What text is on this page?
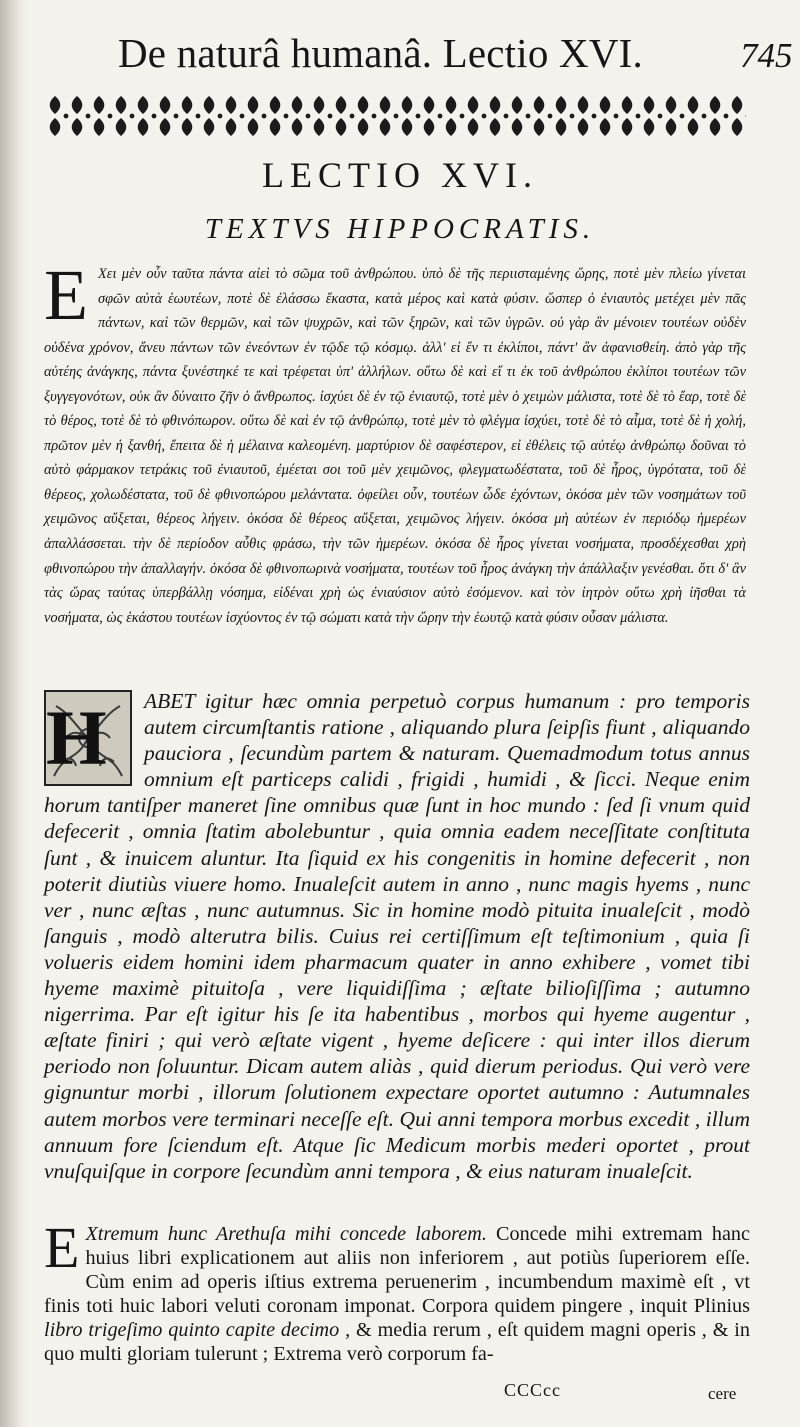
De naturâ humanâ. Lectio XVI.	745
LECTIO XVI.
TEXTVS HIPPOCRATIS.
E Χει μὲν οὖν ταῦτα πάντα αἰεὶ τὸ σῶμα τοῦ ἀνθρώπου. ὑπὸ δὲ τῆς περιισταμένης ὥρης, ποτὲ μὲν πλείω γίνεται σφῶν αὐτὰ ἑωυτέων, ποτὲ δὲ ἐλάσσω ἕκαστα, κατὰ μέρος καὶ κατὰ φύσιν. ὥσπερ ὁ ἐνιαυτὸς μετέχει μὲν πᾶς πάντων, καὶ τῶν θερμῶν, καὶ τῶν ψυχρῶν, καὶ τῶν ξηρῶν, καὶ τῶν ὑγρῶν. οὐ γὰρ ἂν μένοιεν τουτέων οὐδὲν οὐδένα χρόνον, ἄνευ πάντων τῶν ἐνεόντων ἐν τῷδε τῷ κόσμῳ. ἀλλ' εἰ ἕν τι ἐκλίποι, πάντ' ἂν ἀφανισθείη. ἀπὸ γὰρ τῆς αὐτέης ἀνάγκης, πάντα ξυνέστηκέ τε καὶ τρέφεται ὑπ' ἀλλήλων. οὕτω δὲ καὶ εἴ τι ἐκ τοῦ ἀνθρώπου ἐκλίποι τουτέων τῶν ξυγγεγονότων, οὐκ ἂν δύναιτο ζῆν ὁ ἄνθρωπος. ἰσχύει δὲ ἐν τῷ ἐνιαυτῷ, τοτὲ μὲν ὁ χειμὼν μάλιστα, τοτὲ δὲ τὸ ἔαρ, τοτὲ δὲ τὸ θέρος, τοτὲ δὲ τὸ φθινόπωρον. οὕτω δὲ καὶ ἐν τῷ ἀνθρώπῳ, τοτὲ μὲν τὸ φλέγμα ἰσχύει, τοτὲ δὲ τὸ αἷμα, τοτὲ δὲ ἡ χολή, πρῶτον μὲν ἡ ξανθή, ἔπειτα δὲ ἡ μέλαινα καλεομένη. μαρτύριον δὲ σαφέστερον, εἰ ἐθέλεις τῷ αὐτέῳ ἀνθρώπῳ δοῦναι τὸ αὐτὸ φάρμακον τετράκις τοῦ ἐνιαυτοῦ, ἐμέεται σοι τοῦ μὲν χειμῶνος, φλεγματωδέστατα, τοῦ δὲ ἦρος, ὑγρότατα, τοῦ δὲ θέρεος, χολωδέστατα, τοῦ δὲ φθινοπώρου μελάντατα. ὀφείλει οὖν, τουτέων ὧδε ἐχόντων, ὁκόσα μὲν τῶν νοσημάτων τοῦ χειμῶνος αὔξεται, θέρεος λήγειν. ὁκόσα δὲ θέρεος αὔξεται, χειμῶνος λήγειν. ὁκόσα μὴ αὐτέων ἐν περιόδῳ ἡμερέων ἀπαλλάσσεται. τὴν δὲ περίοδον αὖθις φράσω, τὴν τῶν ἡμερέων. ὁκόσα δὲ ἦρος γίνεται νοσήματα, προσδέχεσθαι χρὴ φθινοπώρου τὴν ἀπαλλαγήν. ὁκόσα δὲ φθινοπωρινὰ νοσήματα, τουτέων τοῦ ἦρος ἀνάγκη τὴν ἀπάλλαξιν γενέσθαι. ὅτι δ' ἂν τὰς ὥρας ταύτας ὑπερβάλλῃ νόσημα, εἰδέναι χρὴ ὡς ἐνιαύσιον αὐτὸ ἐσόμενον. καὶ τὸν ἰητρὸν οὕτω χρὴ ἰῆσθαι τὰ νοσήματα, ὡς ἑκάστου τουτέων ἰσχύοντος ἐν τῷ σώματι κατὰ τὴν ὥρην τὴν ἑωυτῷ κατὰ φύσιν οὖσαν μάλιστα.
H	ABET igitur hæc omnia perpetuò corpus humanum : pro temporis autem circumſtantis ratione , aliquando plura ſeipſis fiunt , aliquando pauciora , ſecundùm partem & naturam. Quemadmodum totus annus omnium eſt particeps calidi , frigidi , humidi , & ſicci. Neque enim horum tantiſper maneret ſine omnibus quæ ſunt in hoc mundo : ſed ſi vnum quid defecerit , omnia ſtatim abolebuntur , quia omnia eadem neceſſitate conſtituta ſunt , & inuicem aluntur. Ita ſiquid ex his congenitis in homine defecerit , non poterit diutiùs viuere homo. Inualeſcit autem in anno , nunc magis hyems , nunc ver , nunc æſtas , nunc autumnus. Sic in homine modò pituita inualeſcit , modò ſanguis , modò alterutra bilis. Cuius rei certiſſimum eſt teſtimonium , quia ſi volueris eidem homini idem pharmacum quater in anno exhibere , vomet tibi hyeme maximè pituitoſa , vere liquidiſſima ; æſtate bilioſiſſima ; autumno nigerrima. Par eſt igitur his ſe ita habentibus , morbos qui hyeme augentur , æſtate finiri ; qui verò æſtate vigent , hyeme deſicere : qui inter illos dierum periodo non ſoluuntur. Dicam autem aliàs , quid dierum periodus. Qui verò vere gignuntur morbi , illorum ſolutionem expectare oportet autumno : Autumnales autem morbos vere terminari neceſſe eſt. Qui anni tempora morbus excedit , illum annuum fore ſciendum eſt. Atque ſic Medicum morbis mederi oportet , prout vnuſquiſque in corpore ſecundùm anni tempora , & eius naturam inualeſcit.
E Xtremum hunc Arethuſa mihi concede laborem. Concede mihi extremam hanc huius libri explicationem aut aliis non inferiorem , aut potiùs ſuperiorem eſſe. Cùm enim ad operis iſtius extrema peruenerim , incumbendum maximè eſt , vt finis toti huic labori veluti coronam imponat. Corpora quidem pingere , inquit Plinius libro trigeſimo quinto capite decimo , & media rerum , eſt quidem magni operis , & in quo multi gloriam tulerunt ; Extrema verò corporum fa-
CCCcc	cere
